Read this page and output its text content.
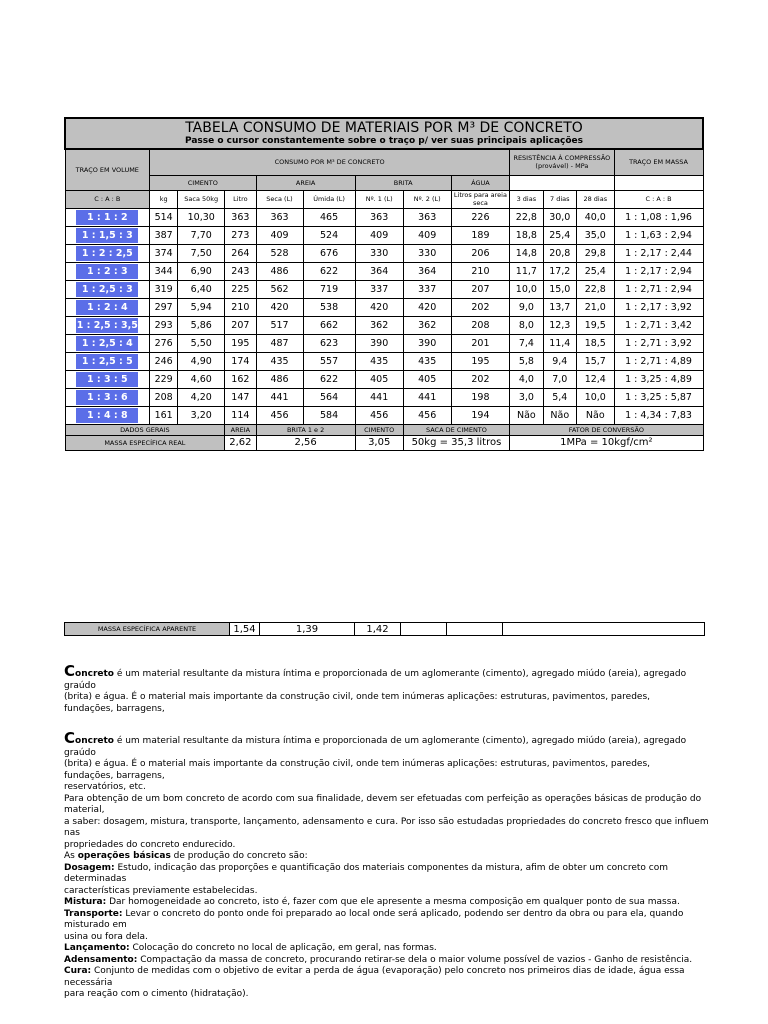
TABELA CONSUMO DE MATERIAIS POR M³ DE CONCRETO
Passe o cursor constantemente sobre o traço p/ ver suas principais aplicações												

TRAÇO EM VOLUME	CONSUMO POR M³ DE CONCRETO								RESISTÊNCIA À COMPRESSÃO (provável) - MPa			TRAÇO EM MASSA
	CIMENTO			AREIA		BRITA		ÁGUA				
C : A : B	kg	Saca 50kg	Litro	Seca (L)	Úmida (L)	Nº. 1 (L)	Nº. 2 (L)	Litros para areia seca	3 dias	7 dias	28 dias	C : A : B
1 : 1 : 2	514	10,30	363	363	465	363	363	226	22,8	30,0	40,0	1 : 1,08 : 1,96
1 : 1,5 : 3	387	7,70	273	409	524	409	409	189	18,8	25,4	35,0	1 : 1,63 : 2,94
1 : 2 : 2,5	374	7,50	264	528	676	330	330	206	14,8	20,8	29,8	1 : 2,17 : 2,44
1 : 2 : 3	344	6,90	243	486	622	364	364	210	11,7	17,2	25,4	1 : 2,17 : 2,94
1 : 2,5 : 3	319	6,40	225	562	719	337	337	207	10,0	15,0	22,8	1 : 2,71 : 2,94
1 : 2 : 4	297	5,94	210	420	538	420	420	202	9,0	13,7	21,0	1 : 2,17 : 3,92
1 : 2,5 : 3,5	293	5,86	207	517	662	362	362	208	8,0	12,3	19,5	1 : 2,71 : 3,42
1 : 2,5 : 4	276	5,50	195	487	623	390	390	201	7,4	11,4	18,5	1 : 2,71 : 3,92
1 : 2,5 : 5	246	4,90	174	435	557	435	435	195	5,8	9,4	15,7	1 : 2,71 : 4,89
1 : 3 : 5	229	4,60	162	486	622	405	405	202	4,0	7,0	12,4	1 : 3,25 : 4,89
1 : 3 : 6	208	4,20	147	441	564	441	441	198	3,0	5,4	10,0	1 : 3,25 : 5,87
1 : 4 : 8	161	3,20	114	456	584	456	456	194	Não	Não	Não	1 : 4,34 : 7,83
DADOS GERAIS			AREIA	BRITA 1 e 2		CIMENTO	SACA DE CIMENTO		FATOR DE CONVERSÃO			
MASSA ESPECÍFICA REAL			2,62	2,56		3,05	50kg = 35,3 litros		1MPa = 10kgf/cm²			
MASSA ESPECÍFICA APARENTE	1,54	1,39	1,42			

Concreto é um material resultante da mistura íntima e proporcionada de um aglomerante (cimento), agregado miúdo (areia), agregado graúdo

(brita) e água. É o material mais importante da construção civil, onde tem inúmeras aplicações: estruturas, pavimentos, paredes,

fundações, barragens,

Concreto é um material resultante da mistura íntima e proporcionada de um aglomerante (cimento), agregado miúdo (areia), agregado graúdo

(brita) e água. É o material mais importante da construção civil, onde tem inúmeras aplicações: estruturas, pavimentos, paredes,

fundações, barragens,

reservatórios, etc.

Para obtenção de um bom concreto de acordo com sua finalidade, devem ser efetuadas com perfeição as operações básicas de produção do material,

a saber: dosagem, mistura, transporte, lançamento, adensamento e cura. Por isso são estudadas propriedades do concreto fresco que influem nas

propriedades do concreto endurecido.

As operações básicas de produção do concreto são:

Dosagem: Estudo, indicação das proporções e quantificação dos materiais componentes da mistura, afim de obter um concreto com determinadas

características previamente estabelecidas.

Mistura: Dar homogeneidade ao concreto, isto é, fazer com que ele apresente a mesma composição em qualquer ponto de sua massa.

Transporte: Levar o concreto do ponto onde foi preparado ao local onde será aplicado, podendo ser dentro da obra ou para ela, quando misturado em

usina ou fora dela.

Lançamento: Colocação do concreto no local de aplicação, em geral, nas formas.

Adensamento: Compactação da massa de concreto, procurando retirar-se dela o maior volume possível de vazios - Ganho de resistência.

Cura: Conjunto de medidas com o objetivo de evitar a perda de água (evaporação) pelo concreto nos primeiros dias de idade, água essa necessária

para reação com o cimento (hidratação).
